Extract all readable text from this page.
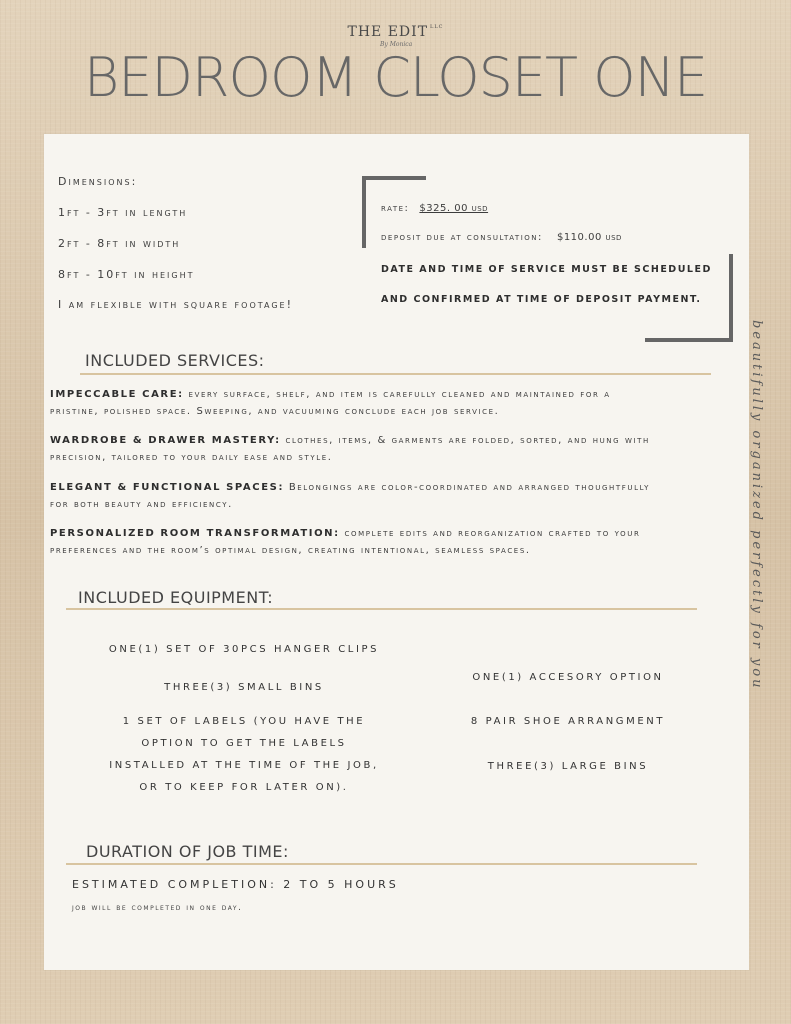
THE EDIT $^{LLC}$
By Monica
BEDROOM CLOSET ONE
Dimensions:
1ft - 3ft in length
2ft - 8ft in width
8ft - 10ft in height
I am flexible with square footage!
rate: $325. 00 usd
deposit due at consultation: $110.00 usd
DATE AND TIME OF SERVICE MUST BE SCHEDULED
AND CONFIRMED AT TIME OF DEPOSIT PAYMENT.
INCLUDED SERVICES:
IMPECCABLE CARE: every surface, shelf, and item is carefully cleaned and maintained for a
pristine, polished space. Sweeping, and vacuuming conclude each job service.
WARDROBE & DRAWER MASTERY: clothes, items, & garments are folded, sorted, and hung with
precision, tailored to your daily ease and style.
ELEGANT & FUNCTIONAL SPACES: Belongings are color-coordinated and arranged thoughtfully
for both beauty and efficiency.
PERSONALIZED ROOM TRANSFORMATION: complete edits and reorganization crafted to your
preferences and the room’s optimal design, creating intentional, seamless spaces.
INCLUDED EQUIPMENT:
ONE(1) SET OF 30PCS HANGER CLIPS
THREE(3) SMALL BINS
1 SET OF LABELS (YOU HAVE THE
OPTION TO GET THE LABELS
INSTALLED AT THE TIME OF THE JOB,
OR TO KEEP FOR LATER ON).
ONE(1) ACCESORY OPTION
8 PAIR SHOE ARRANGMENT
THREE(3) LARGE BINS
DURATION OF JOB TIME:
ESTIMATED COMPLETION: 2 TO 5 HOURS
job will be completed in one day.
beautifully organized perfectly for you
